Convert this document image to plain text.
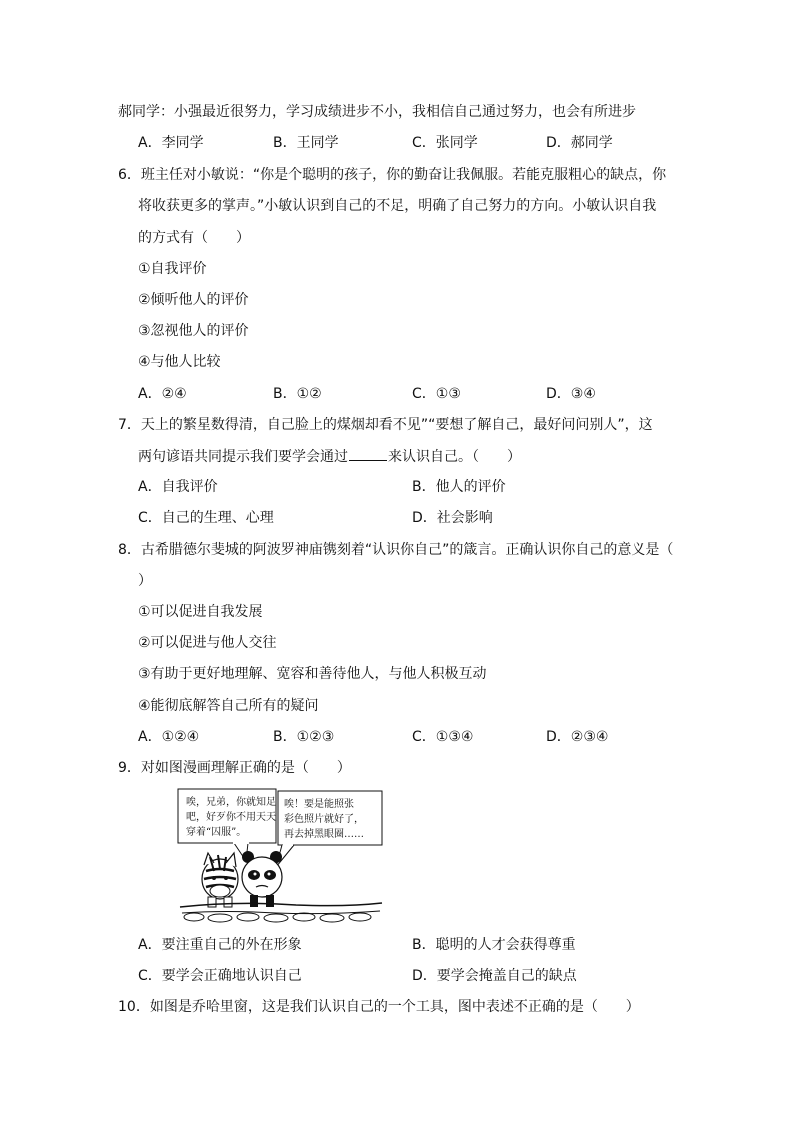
郝同学：小强最近很努力，学习成绩进步不小，我相信自己通过努力，也会有所进步
A．李同学	B．王同学	C．张同学	D．郝同学
6．班主任对小敏说：“你是个聪明的孩子，你的勤奋让我佩服。若能克服粗心的缺点，你
将收获更多的掌声。”小敏认识到自己的不足，明确了自己努力的方向。小敏认识自我
的方式有（　　）
①自我评价
②倾听他人的评价
③忽视他人的评价
④与他人比较
A．②④	B．①②	C．①③	D．③④
7．天上的繁星数得清，自己脸上的煤烟却看不见”“要想了解自己，最好问问别人”，这
两句谚语共同提示我们要学会通过	来认识自己。（　　）
A．自我评价	B．他人的评价
C．自己的生理、心理	D．社会影响
8．古希腊德尔斐城的阿波罗神庙镌刻着“认识你自己”的箴言。正确认识你自己的意义是（
）
①可以促进自我发展
②可以促进与他人交往
③有助于更好地理解、宽容和善待他人，与他人积极互动
④能彻底解答自己所有的疑问
A．①②④	B．①②③	C．①③④	D．②③④
9．对如图漫画理解正确的是（　　）
唉，兄弟，你就知足
吧，好歹你不用天天
穿着“囚服”。
唉！要是能照张
彩色照片就好了，
再去掉黑眼圈……
A．要注重自己的外在形象	B．聪明的人才会获得尊重
C．要学会正确地认识自己	D．要学会掩盖自己的缺点
10．如图是乔哈里窗，这是我们认识自己的一个工具，图中表述不正确的是（　　）
